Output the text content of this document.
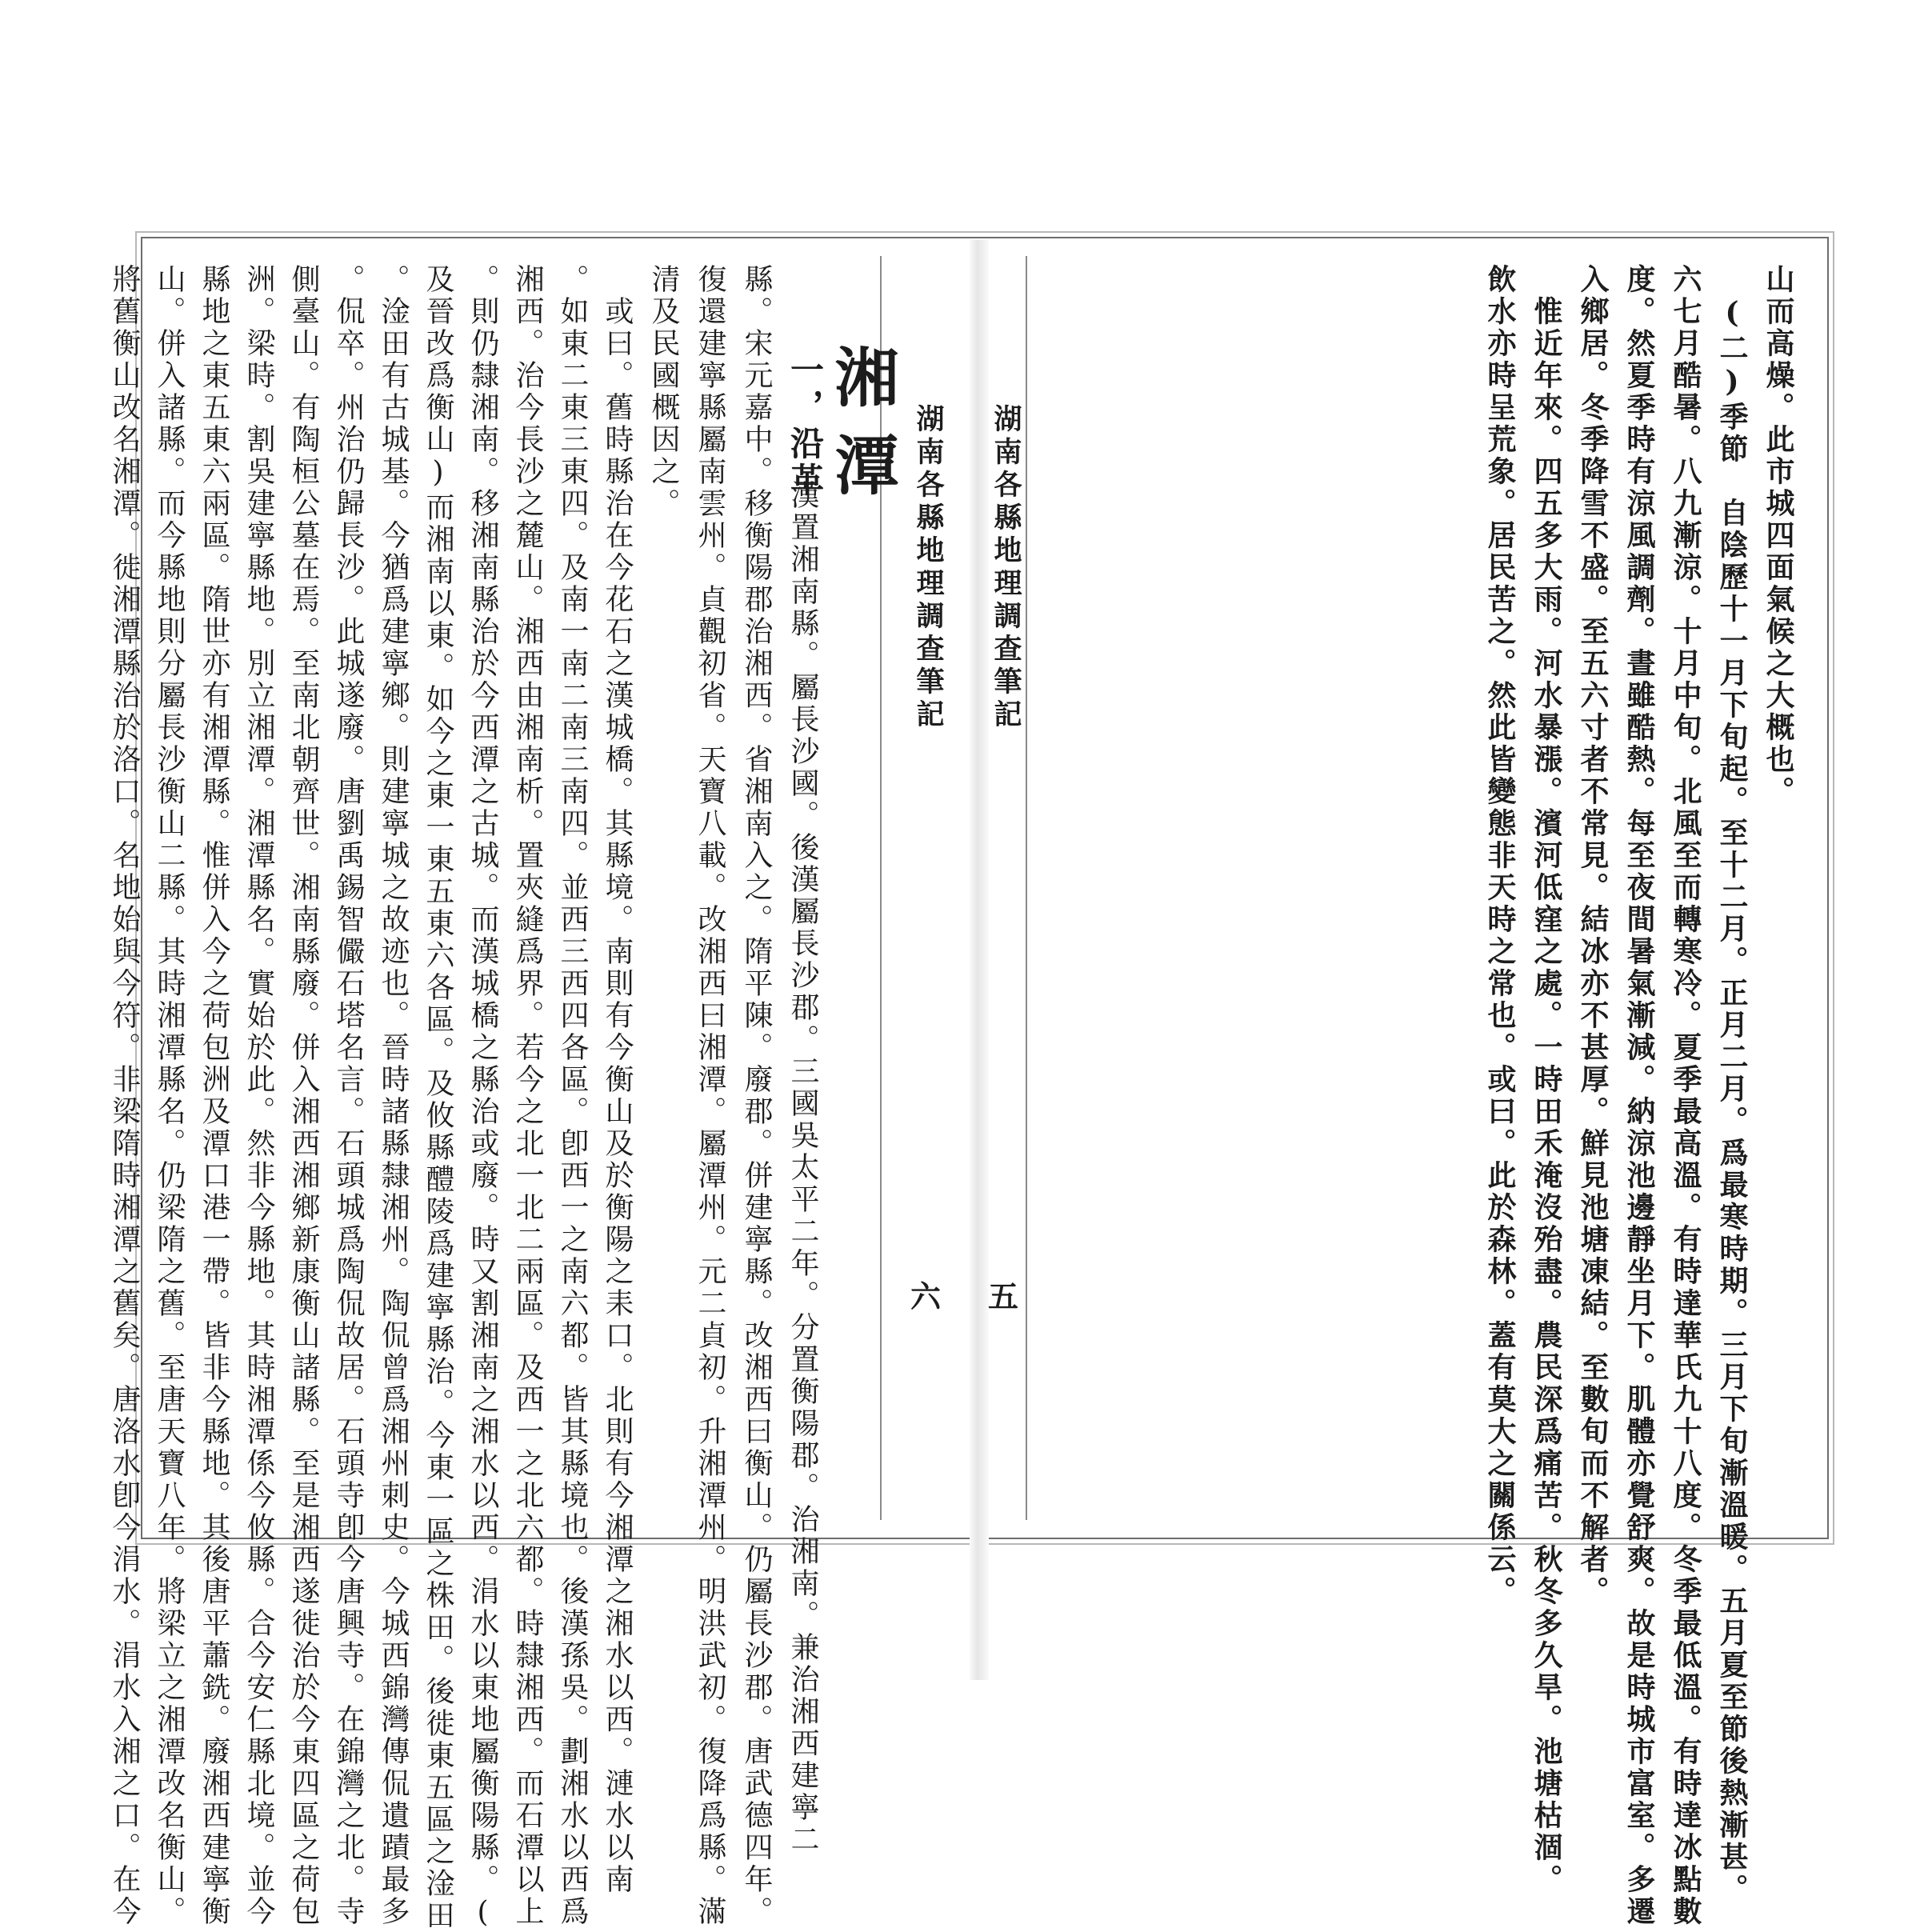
湖南各縣地理調查筆記
五
山而高燥。此市城四面氣候之大概也。
　(二)季節　自陰歷十一月下旬起。至十二月。正月二月。爲最寒時期。三月下旬漸溫暖。五月夏至節後熱漸甚。
六七月酷暑。八九漸涼。十月中旬。北風至而轉寒冷。夏季最高溫。有時達華氏九十八度。冬季最低溫。有時達冰點數
度。然夏季時有涼風調劑。晝雖酷熱。每至夜間暑氣漸減。納涼池邊靜坐月下。肌體亦覺舒爽。故是時城市富室。多遷
入鄉居。冬季降雪不盛。至五六寸者不常見。結冰亦不甚厚。鮮見池塘凍結。至數旬而不解者。
　惟近年來。四五多大雨。河水暴漲。濱河低窪之處。一時田禾淹沒殆盡。農民深爲痛苦。秋冬多久旱。池塘枯涸。
飲水亦時呈荒象。居民苦之。然此皆變態非天時之常也。或曰。此於森林。蓋有莫大之關係云。
湖南各縣地理調查筆記
六
湘潭
一，沿革
漢置湘南縣。屬長沙國。後漢屬長沙郡。三國吳太平二年。分置衡陽郡。治湘南。兼治湘西建寧二
縣。宋元嘉中。移衡陽郡治湘西。省湘南入之。隋平陳。廢郡。併建寧縣。改湘西曰衡山。仍屬長沙郡。唐武德四年。
復還建寧縣屬南雲州。貞觀初省。天寶八載。改湘西曰湘潭。屬潭州。元二貞初。升湘潭州。明洪武初。復降爲縣。滿
清及民國概因之。
　或曰。舊時縣治在今花石之漢城橋。其縣境。南則有今衡山及於衡陽之耒口。北則有今湘潭之湘水以西。漣水以南
。如東二東三東四。及南一南二南三南四。並西三西四各區。卽西一之南六都。皆其縣境也。後漢孫吳。劃湘水以西爲
湘西。治今長沙之麓山。湘西由湘南析。置夾縫爲界。若今之北一北二兩區。及西一之北六都。時隸湘西。而石潭以上
。則仍隸湘南。移湘南縣治於今西潭之古城。而漢城橋之縣治或廢。時又割湘南之湘水以西。涓水以東地屬衡陽縣。(
及晉改爲衡山)而湘南以東。如今之東一東五東六各區。及攸縣醴陵爲建寧縣治。今東一區之株田。後徙東五區之淦田
。淦田有古城基。今猶爲建寧鄉。則建寧城之故迹也。晉時諸縣隸湘州。陶侃曾爲湘州刺史。今城西錦灣傳侃遺蹟最多
。侃卒。州治仍歸長沙。此城遂廢。唐劉禹錫智儼石塔名言。石頭城爲陶侃故居。石頭寺卽今唐興寺。在錦灣之北。寺
側臺山。有陶桓公墓在焉。至南北朝齊世。湘南縣廢。併入湘西湘鄉新康衡山諸縣。至是湘西遂徙治於今東四區之荷包
洲。梁時。割吳建寧縣地。別立湘潭。湘潭縣名。實始於此。然非今縣地。其時湘潭係今攸縣。合今安仁縣北境。並今
縣地之東五東六兩區。隋世亦有湘潭縣。惟併入今之荷包洲及潭口港一帶。皆非今縣地。其後唐平蕭銑。廢湘西建寧衡
山。併入諸縣。而今縣地則分屬長沙衡山二縣。其時湘潭縣名。仍梁隋之舊。至唐天寶八年。將梁立之湘潭改名衡山。
將舊衡山改名湘潭。徙湘潭縣治於洛口。名地始與今符。非梁隋時湘潭之舊矣。唐洛水卽今涓水。涓水入湘之口。在今
